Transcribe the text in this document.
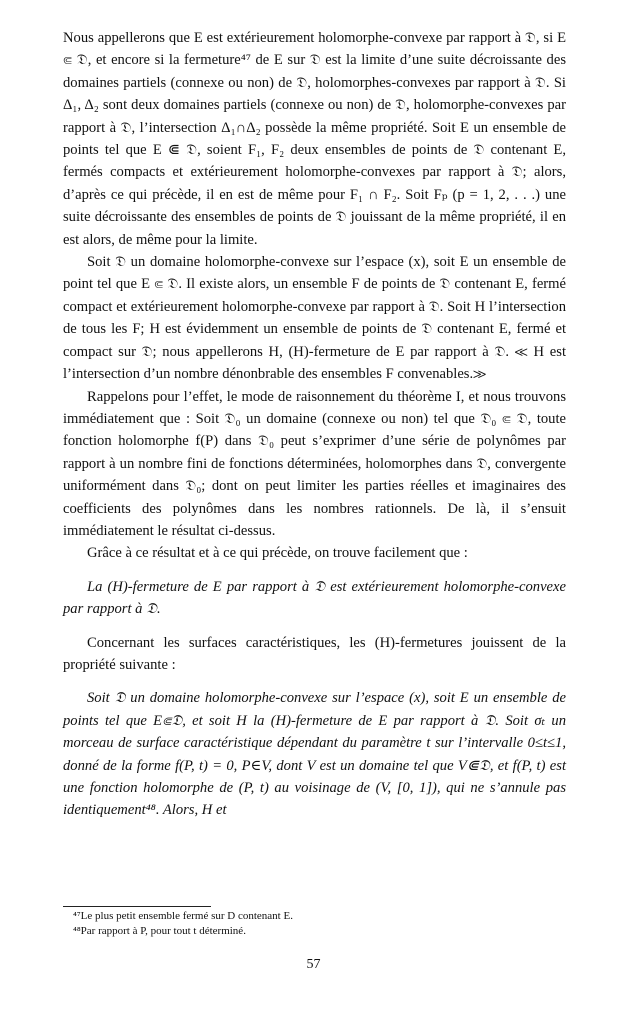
Nous appellerons que E est extérieurement holomorphe-convexe par rapport à 𝔇, si E ⋐ 𝔇, et encore si la fermeture⁴⁷ de E sur 𝔇 est la limite d’une suite décroissante des domaines partiels (connexe ou non) de 𝔇, holomorphes-convexes par rapport à 𝔇. Si Δ₁, Δ₂ sont deux domaines partiels (connexe ou non) de 𝔇, holomorphe-convexes par rapport à 𝔇, l’intersection Δ₁∩Δ₂ possède la même propriété. Soit E un ensemble de points tel que E ⋐ 𝔇, soient F₁, F₂ deux ensembles de points de 𝔇 contenant E, fermés compacts et extérieurement holomorphe-convexes par rapport à 𝔇; alors, d’après ce qui précède, il en est de même pour F₁ ∩ F₂. Soit Fₚ (p = 1, 2, . . .) une suite décroissante des ensembles de points de 𝔇 jouissant de la même propriété, il en est alors, de même pour la limite.

Soit 𝔇 un domaine holomorphe-convexe sur l’espace (x), soit E un ensemble de point tel que E ⋐ 𝔇. Il existe alors, un ensemble F de points de 𝔇 contenant E, fermé compact et extérieurement holomorphe-convexe par rapport à 𝔇. Soit H l’intersection de tous les F; H est évidemment un ensemble de points de 𝔇 contenant E, fermé et compact sur 𝔇; nous appellerons H, (H)-fermeture de E par rapport à 𝔇. ≪ H est l’intersection d’un nombre dénonbrable des ensembles F convenables.≫

Rappelons pour l’effet, le mode de raisonnement du théorème I, et nous trouvons immédiatement que : Soit 𝔇₀ un domaine (connexe ou non) tel que 𝔇₀ ⋐ 𝔇, toute fonction holomorphe f(P) dans 𝔇₀ peut s’exprimer d’une série de polynômes par rapport à un nombre fini de fonctions déterminées, holomorphes dans 𝔇, convergente uniformément dans 𝔇₀; dont on peut limiter les parties réelles et imaginaires des coefficients des polynômes dans les nombres rationnels. De là, il s’ensuit immédiatement le résultat ci-dessus.

Grâce à ce résultat et à ce qui précède, on trouve facilement que :

La (H)-fermeture de E par rapport à 𝔇 est extérieurement holomorphe-convexe par rapport à 𝔇.

Concernant les surfaces caractéristiques, les (H)-fermetures jouissent de la propriété suivante :

Soit 𝔇 un domaine holomorphe-convexe sur l’espace (x), soit E un ensemble de points tel que E⋐𝔇, et soit H la (H)-fermeture de E par rapport à 𝔇. Soit σₜ un morceau de surface caractéristique dépendant du paramètre t sur l’intervalle 0≤t≤1, donné de la forme f(P, t) = 0, P∈V, dont V est un domaine tel que V⋐𝔇, et f(P, t) est une fonction holomorphe de (P, t) au voisinage de (V, [0, 1]), qui ne s’annule pas identiquement⁴⁸. Alors, H et

⁴⁷Le plus petit ensemble fermé sur D contenant E.
⁴⁸Par rapport à P, pour tout t déterminé.
57
